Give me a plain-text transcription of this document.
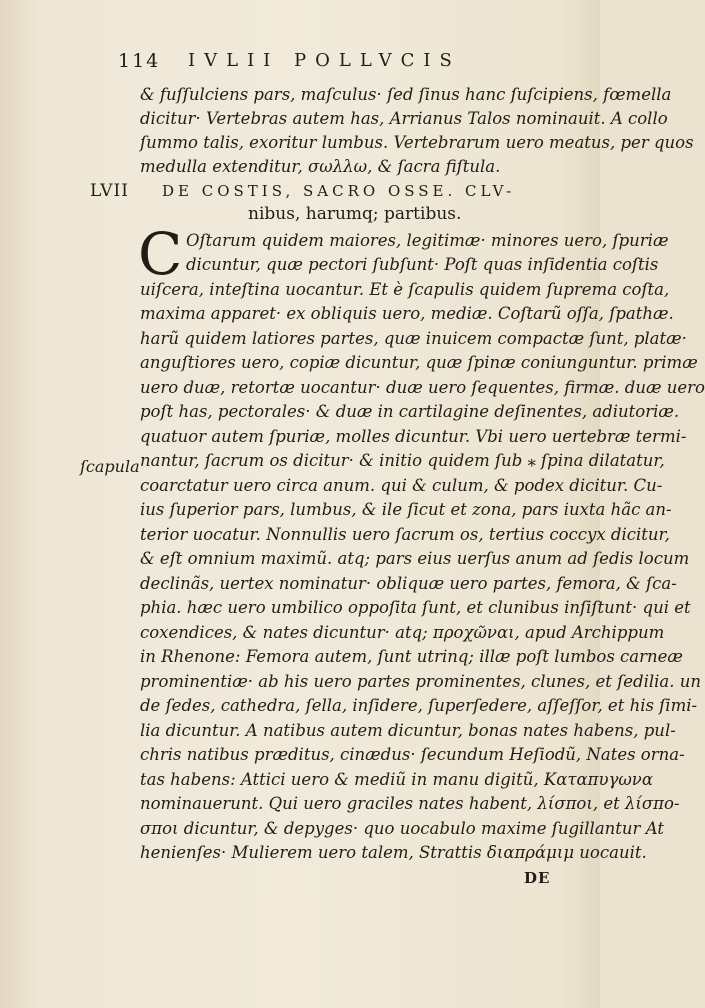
114 IVLII POLLVCIS
& fuſſulciens pars, maſculus· ſed ſinus hanc ſuſcipiens, fœmella
dicitur· Vertebras autem has, Arrianus Talos nominauit. A collo
ſummo talis, exoritur lumbus. Vertebrarum uero meatus, per quos
medulla extenditur, σωλλω, & ſacra fiſtula.
LVII DE COSTIS, SACRO OSSE. CLV-
nibus, harumq; partibus.
C Oſtarum quidem maiores, legitimæ· minores uero, ſpuriæ
dicuntur, quæ pectori ſubſunt· Poſt quas inſidentia coſtis
uiſcera, inteſtina uocantur. Et è ſcapulis quidem ſuprema coſta,
maxima apparet· ex obliquis uero, mediæ. Coſtarũ oſſa, ſpathæ.
harũ quidem latiores partes, quæ inuicem compactæ ſunt, platæ·
anguſtiores uero, copiæ dicuntur, quæ ſpinæ coniunguntur. primæ
uero duæ, retortæ uocantur· duæ uero ſequentes, firmæ. duæ uero
poſt has, pectorales· & duæ in cartilagine deſinentes, adiutoriæ.
quatuor autem ſpuriæ, molles dicuntur. Vbi uero uertebræ termi-
nantur, ſacrum os dicitur· & initio quidem ſub ⁎ ſpina dilatatur,
coarctatur uero circa anum. qui & culum, & podex dicitur. Cu-
ius ſuperior pars, lumbus, & ile ſicut et zona, pars iuxta hãc an-
terior uocatur. Nonnullis uero ſacrum os, tertius coccyx dicitur,
& eſt omnium maximũ. atq; pars eius uerſus anum ad ſedis locum
declinãs, uertex nominatur· obliquæ uero partes, femora, & ſca-
phia. hæc uero umbilico oppoſita ſunt, et clunibus inſiſtunt· qui et
coxendices, & nates dicuntur· atq; προχῶναι, apud Archippum
in Rhenone: Femora autem, ſunt utrinq; illæ poſt lumbos carneæ
prominentiæ· ab his uero partes prominentes, clunes, et ſedilia. un
de ſedes, cathedra, ſella, inſidere, ſuperſedere, aſſeſſor, et his ſimi-
lia dicuntur. A natibus autem dicuntur, bonas nates habens, pul-
chris natibus præditus, cinædus· ſecundum Heſiodũ, Nates orna-
tas habens: Attici uero & mediũ in manu digitũ, Καταπυγωνα
nominauerunt. Qui uero graciles nates habent, λίσποι, et λίσπο-
σποι dicuntur, & depyges· quo uocabulo maxime ſugillantur At
henienſes· Mulierem uero talem, Strattis διαπράμιμ uocauit.
ſcapula
DE
